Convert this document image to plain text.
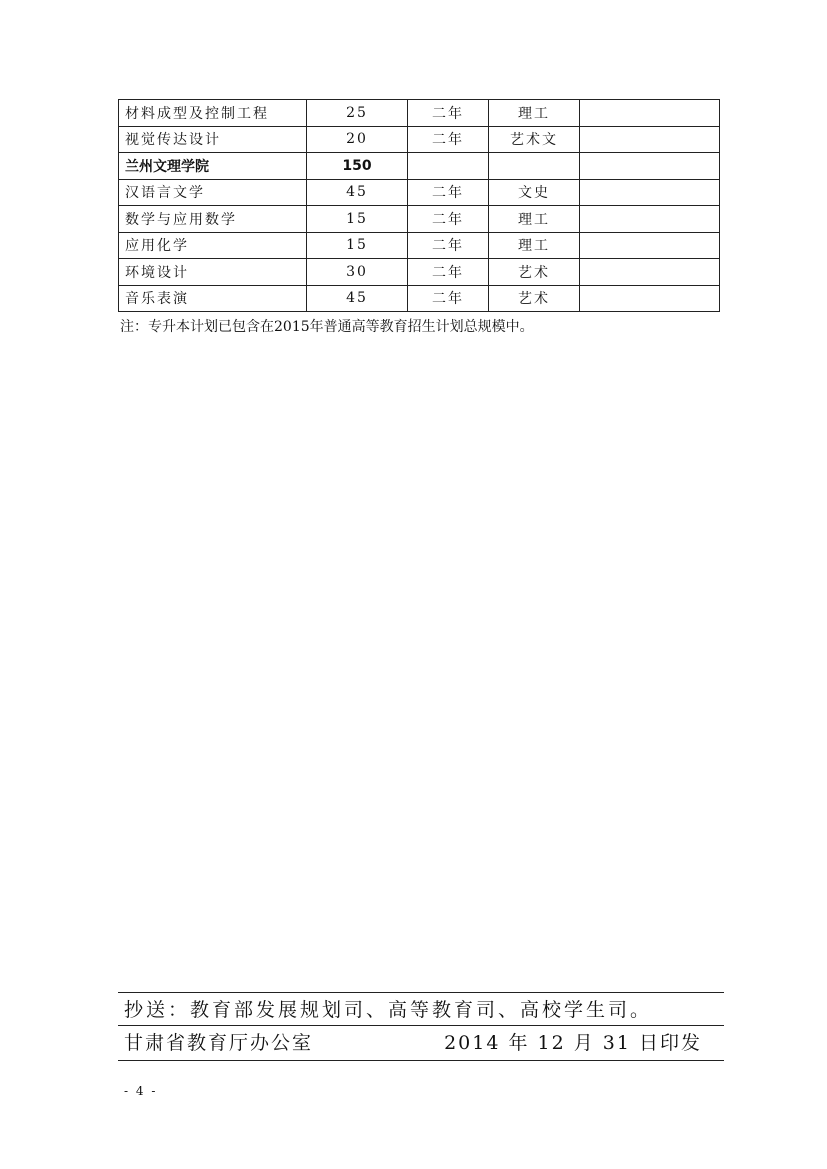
材料成型及控制工程	25	二年	理工	
视觉传达设计	20	二年	艺术文	
兰州文理学院	150			
汉语言文学	45	二年	文史	
数学与应用数学	15	二年	理工	
应用化学	15	二年	理工	
环境设计	30	二年	艺术	
音乐表演	45	二年	艺术	
注：专升本计划已包含在2015年普通高等教育招生计划总规模中。
抄送：教育部发展规划司、高等教育司、高校学生司。
甘肃省教育厅办公室	2014 年 12 月 31 日印发
- 4 -
